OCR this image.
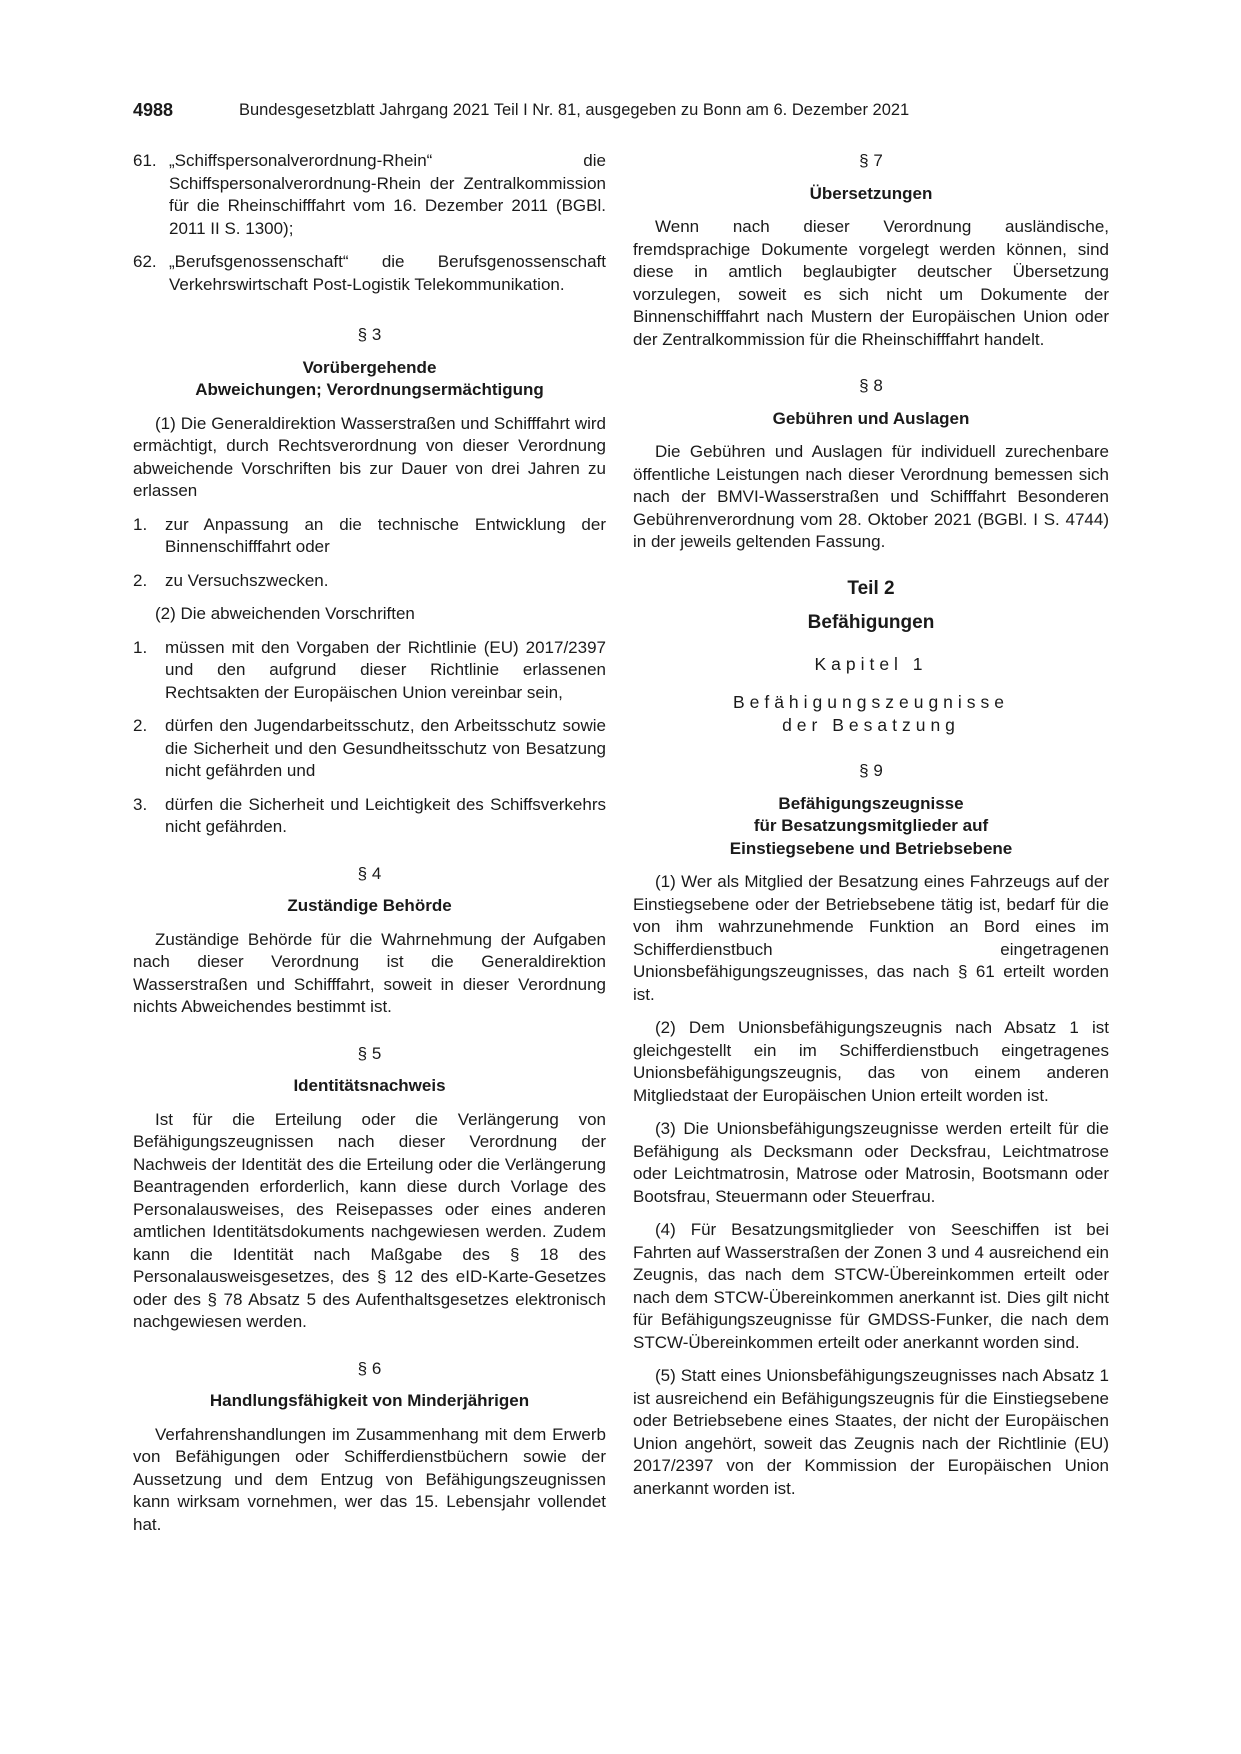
4988	Bundesgesetzblatt Jahrgang 2021 Teil I Nr. 81, ausgegeben zu Bonn am 6. Dezember 2021
61. „Schiffspersonalverordnung-Rhein“ die Schiffspersonalverordnung-Rhein der Zentralkommission für die Rheinschifffahrt vom 16. Dezember 2011 (BGBl. 2011 II S. 1300);
62. „Berufsgenossenschaft“ die Berufsgenossenschaft Verkehrswirtschaft Post-Logistik Telekommunikation.
§ 3
Vorübergehende
Abweichungen; Verordnungsermächtigung

(1) Die Generaldirektion Wasserstraßen und Schifffahrt wird ermächtigt, durch Rechtsverordnung von dieser Verordnung abweichende Vorschriften bis zur Dauer von drei Jahren zu erlassen

1.	zur Anpassung an die technische Entwicklung der Binnenschifffahrt oder
2.	zu Versuchszwecken.

(2) Die abweichenden Vorschriften

1.	müssen mit den Vorgaben der Richtlinie (EU) 2017/2397 und den aufgrund dieser Richtlinie erlassenen Rechtsakten der Europäischen Union vereinbar sein,
2.	dürfen den Jugendarbeitsschutz, den Arbeitsschutz sowie die Sicherheit und den Gesundheitsschutz von Besatzung nicht gefährden und
3.	dürfen die Sicherheit und Leichtigkeit des Schiffsverkehrs nicht gefährden.
§ 4
Zuständige Behörde

Zuständige Behörde für die Wahrnehmung der Aufgaben nach dieser Verordnung ist die Generaldirektion Wasserstraßen und Schifffahrt, soweit in dieser Verordnung nichts Abweichendes bestimmt ist.

§ 5
Identitätsnachweis

Ist für die Erteilung oder die Verlängerung von Befähigungszeugnissen nach dieser Verordnung der Nachweis der Identität des die Erteilung oder die Verlängerung Beantragenden erforderlich, kann diese durch Vorlage des Personalausweises, des Reisepasses oder eines anderen amtlichen Identitätsdokuments nachgewiesen werden. Zudem kann die Identität nach Maßgabe des § 18 des Personalausweisgesetzes, des § 12 des eID-Karte-Gesetzes oder des § 78 Absatz 5 des Aufenthaltsgesetzes elektronisch nachgewiesen werden.

§ 6
Handlungsfähigkeit von Minderjährigen

Verfahrenshandlungen im Zusammenhang mit dem Erwerb von Befähigungen oder Schifferdienstbüchern sowie der Aussetzung und dem Entzug von Befähigungszeugnissen kann wirksam vornehmen, wer das 15. Lebensjahr vollendet hat.

§ 7
Übersetzungen

Wenn nach dieser Verordnung ausländische, fremdsprachige Dokumente vorgelegt werden können, sind diese in amtlich beglaubigter deutscher Übersetzung vorzulegen, soweit es sich nicht um Dokumente der Binnenschifffahrt nach Mustern der Europäischen Union oder der Zentralkommission für die Rheinschifffahrt handelt.

§ 8
Gebühren und Auslagen

Die Gebühren und Auslagen für individuell zurechenbare öffentliche Leistungen nach dieser Verordnung bemessen sich nach der BMVI-Wasserstraßen und Schifffahrt Besonderen Gebührenverordnung vom 28. Oktober 2021 (BGBl. I S. 4744) in der jeweils geltenden Fassung.

Teil 2
Befähigungen
Kapitel 1
Befähigungszeugnisse
der Besatzung
§ 9
Befähigungszeugnisse
für Besatzungsmitglieder auf
Einstiegsebene und Betriebsebene

(1) Wer als Mitglied der Besatzung eines Fahrzeugs auf der Einstiegsebene oder der Betriebsebene tätig ist, bedarf für die von ihm wahrzunehmende Funktion an Bord eines im Schifferdienstbuch eingetragenen Unionsbefähigungszeugnisses, das nach § 61 erteilt worden ist.

(2) Dem Unionsbefähigungszeugnis nach Absatz 1 ist gleichgestellt ein im Schifferdienstbuch eingetragenes Unionsbefähigungszeugnis, das von einem anderen Mitgliedstaat der Europäischen Union erteilt worden ist.

(3) Die Unionsbefähigungszeugnisse werden erteilt für die Befähigung als Decksmann oder Decksfrau, Leichtmatrose oder Leichtmatrosin, Matrose oder Matrosin, Bootsmann oder Bootsfrau, Steuermann oder Steuerfrau.

(4) Für Besatzungsmitglieder von Seeschiffen ist bei Fahrten auf Wasserstraßen der Zonen 3 und 4 ausreichend ein Zeugnis, das nach dem STCW-Übereinkommen erteilt oder nach dem STCW-Übereinkommen anerkannt ist. Dies gilt nicht für Befähigungszeugnisse für GMDSS-Funker, die nach dem STCW-Übereinkommen erteilt oder anerkannt worden sind.

(5) Statt eines Unionsbefähigungszeugnisses nach Absatz 1 ist ausreichend ein Befähigungszeugnis für die Einstiegsebene oder Betriebsebene eines Staates, der nicht der Europäischen Union angehört, soweit das Zeugnis nach der Richtlinie (EU) 2017/2397 von der Kommission der Europäischen Union anerkannt worden ist.
